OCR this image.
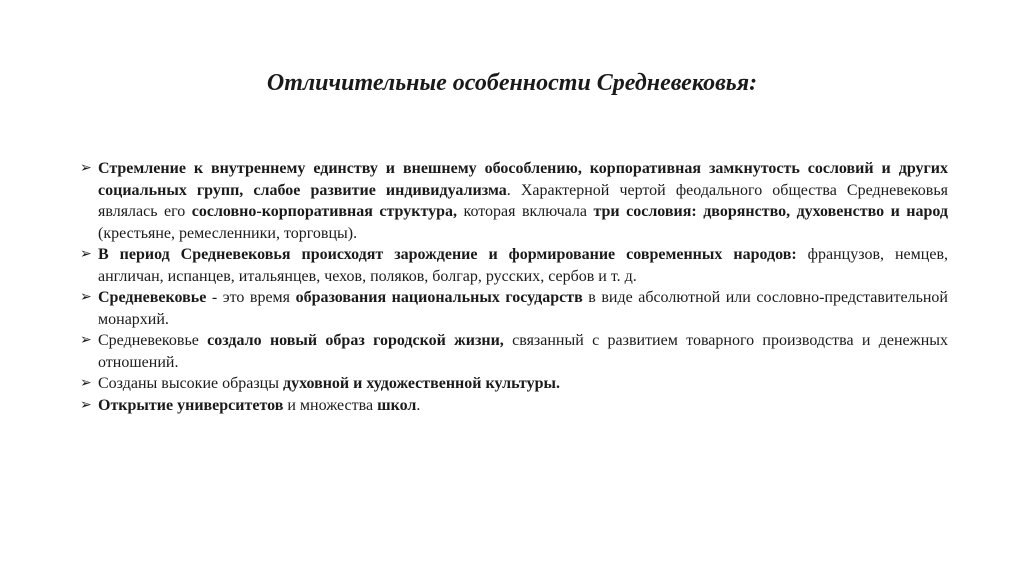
Отличительные особенности Средневековья:
➢ Стремление к внутреннему единству и внешнему обособлению, корпоративная замкнутость сословий и других социальных групп, слабое развитие индивидуализма. Характерной чертой феодального общества Средневековья являлась его сословно-корпоративная структура, которая включала три сословия: дворянство, духовенство и народ (крестьяне, ремесленники, торговцы).
➢ В период Средневековья происходят зарождение и формирование современных народов: французов, немцев, англичан, испанцев, итальянцев, чехов, поляков, болгар, русских, сербов и т. д.
➢ Средневековье - это время образования национальных государств в виде абсолютной или сословно-представительной монархий.
➢ Средневековье создало новый образ городской жизни, связанный с развитием товарного производства и денежных отношений.
➢ Созданы высокие образцы духовной и художественной культуры.
➢ Открытие университетов и множества школ.
